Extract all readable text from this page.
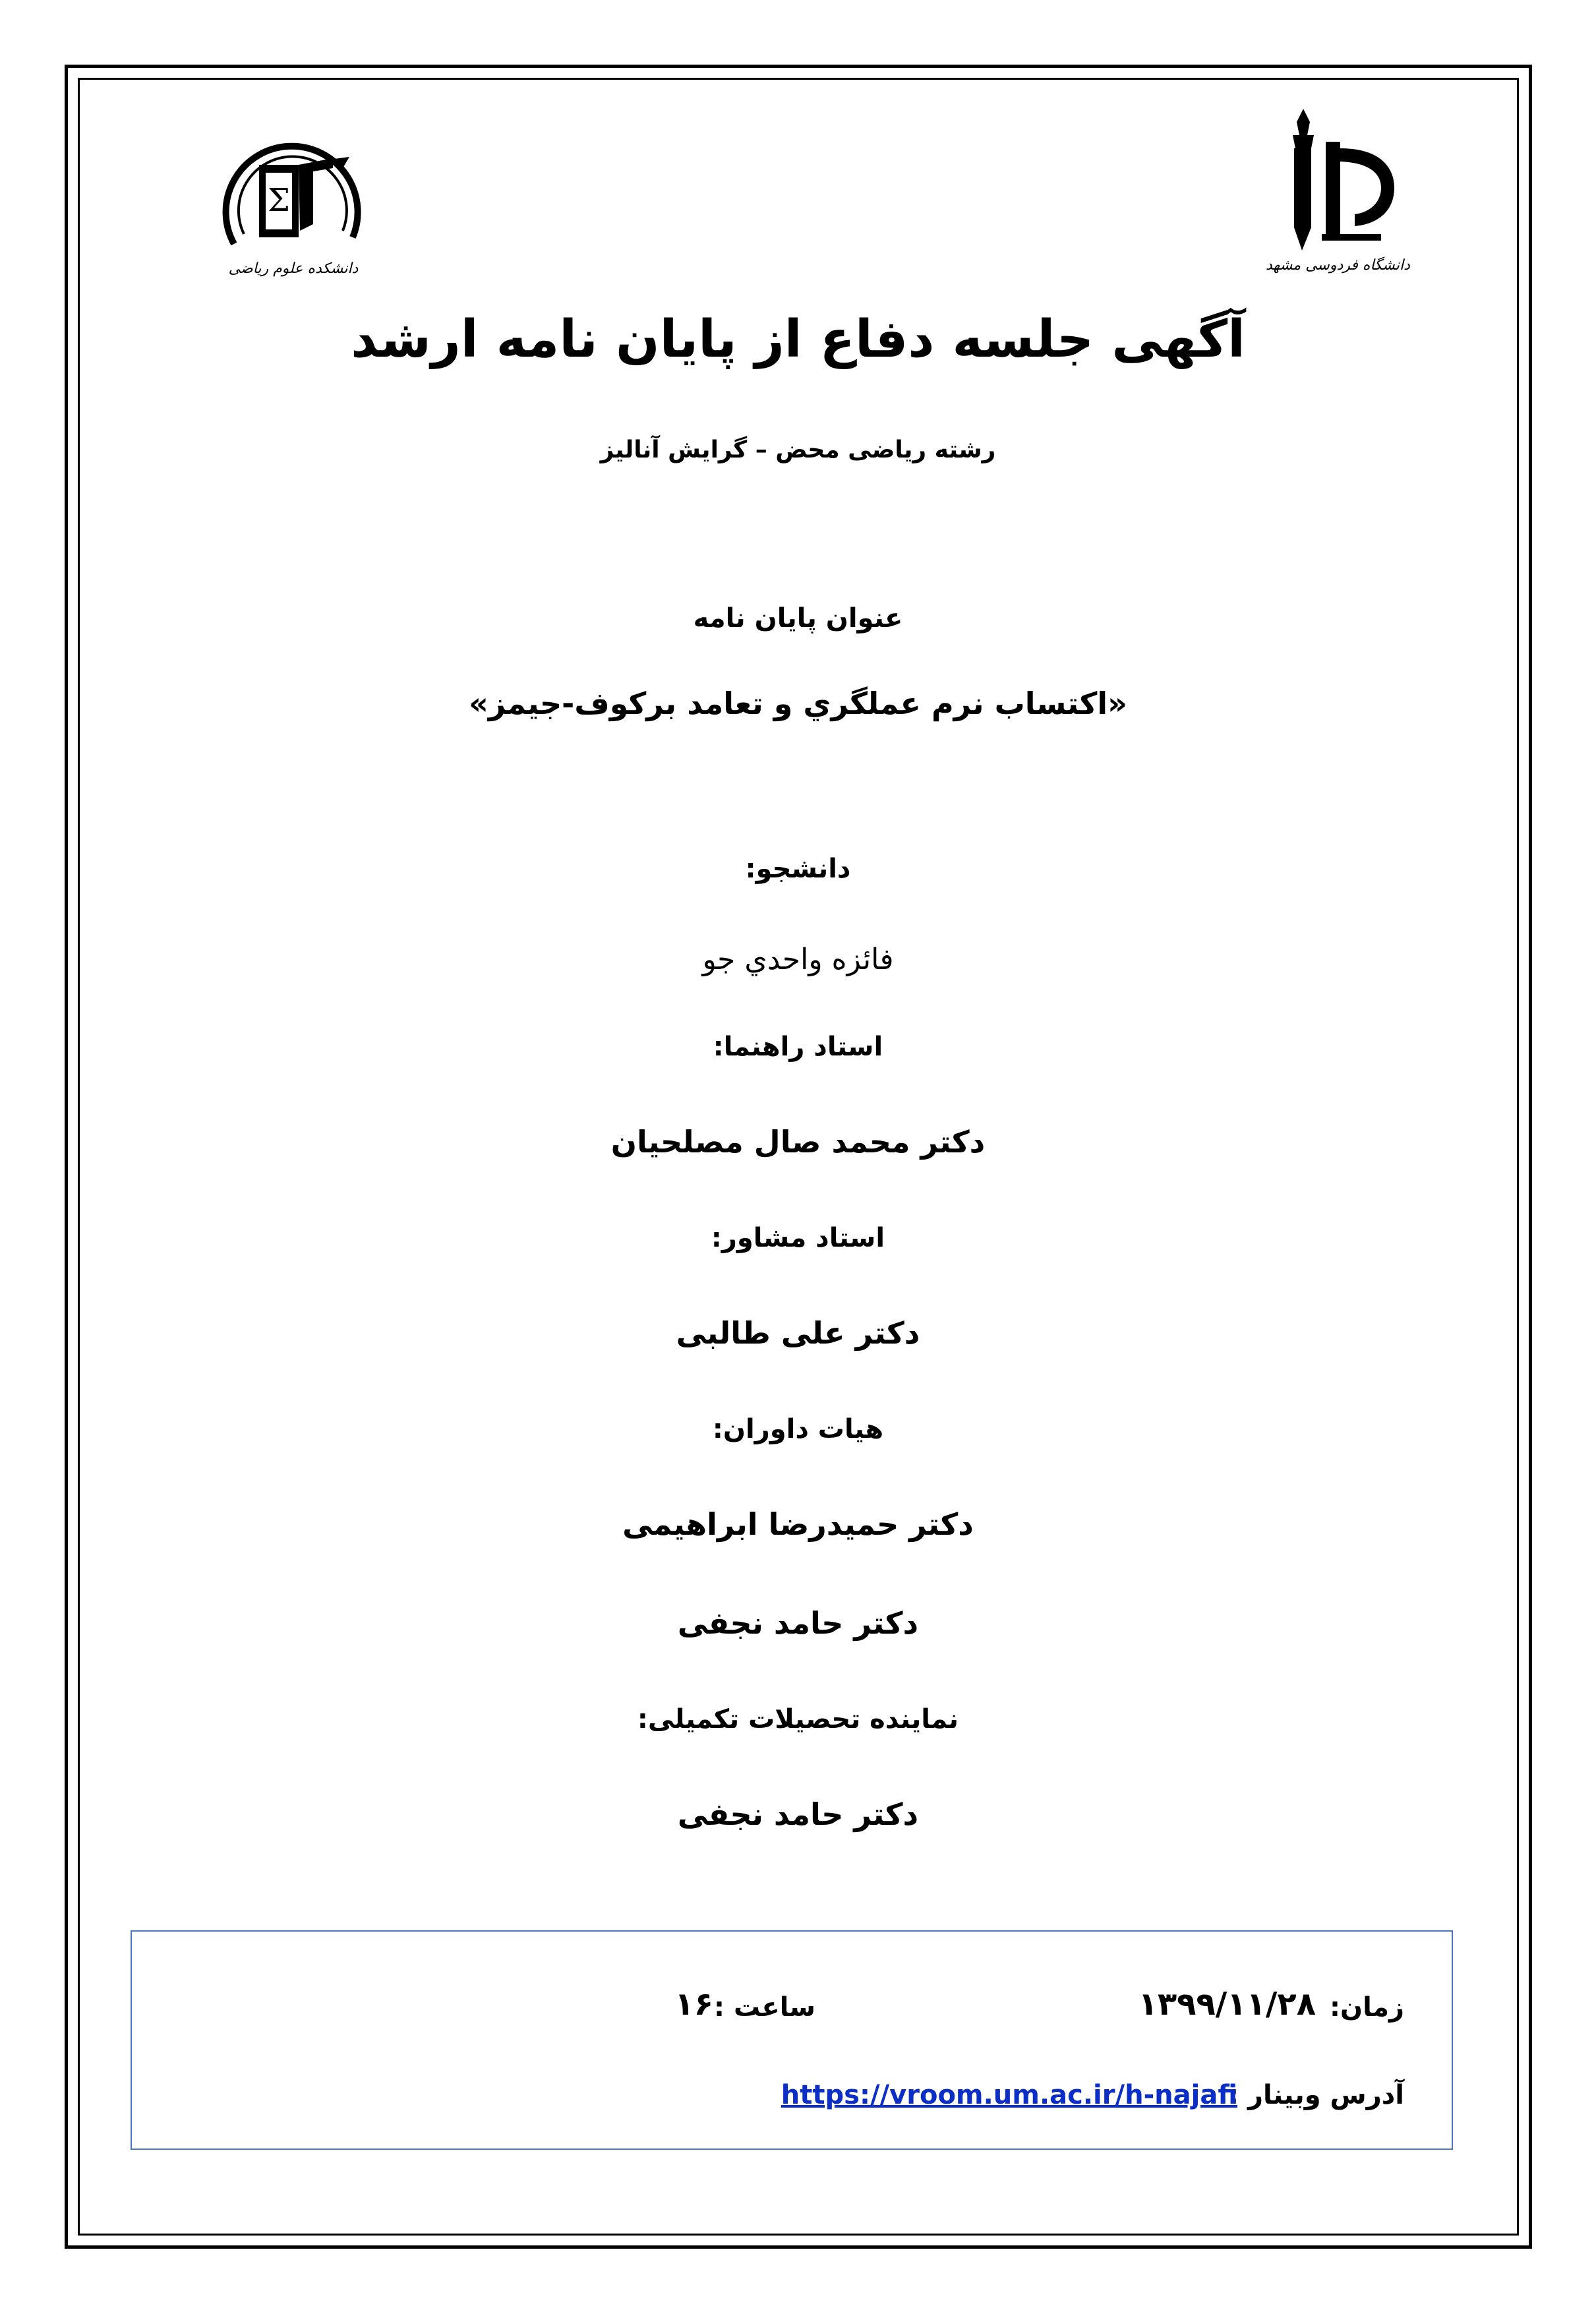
Σ
دانشکده علوم ریاضی	دانشگاه فردوسی مشهد
آگهی جلسه دفاع از پایان نامه ارشد
رشته ریاضی محض – گرایش آنالیز
عنوان پایان نامه
«اکتساب نرم عملگري و تعامد برکوف-جیمز»
دانشجو:
فائزه واحدي جو
استاد راهنما:
دکتر محمد صال مصلحیان
استاد مشاور:
دکتر علی طالبی
هیات داوران:
دکتر حمیدرضا ابراهیمی
دکتر حامد نجفی
نماینده تحصیلات تکمیلی:
دکتر حامد نجفی
زمان:
۱۳۹۹/۱۱/۲۸
ساعت :
۱۶
آدرس وبینار :
https://vroom.um.ac.ir/h-najafi
